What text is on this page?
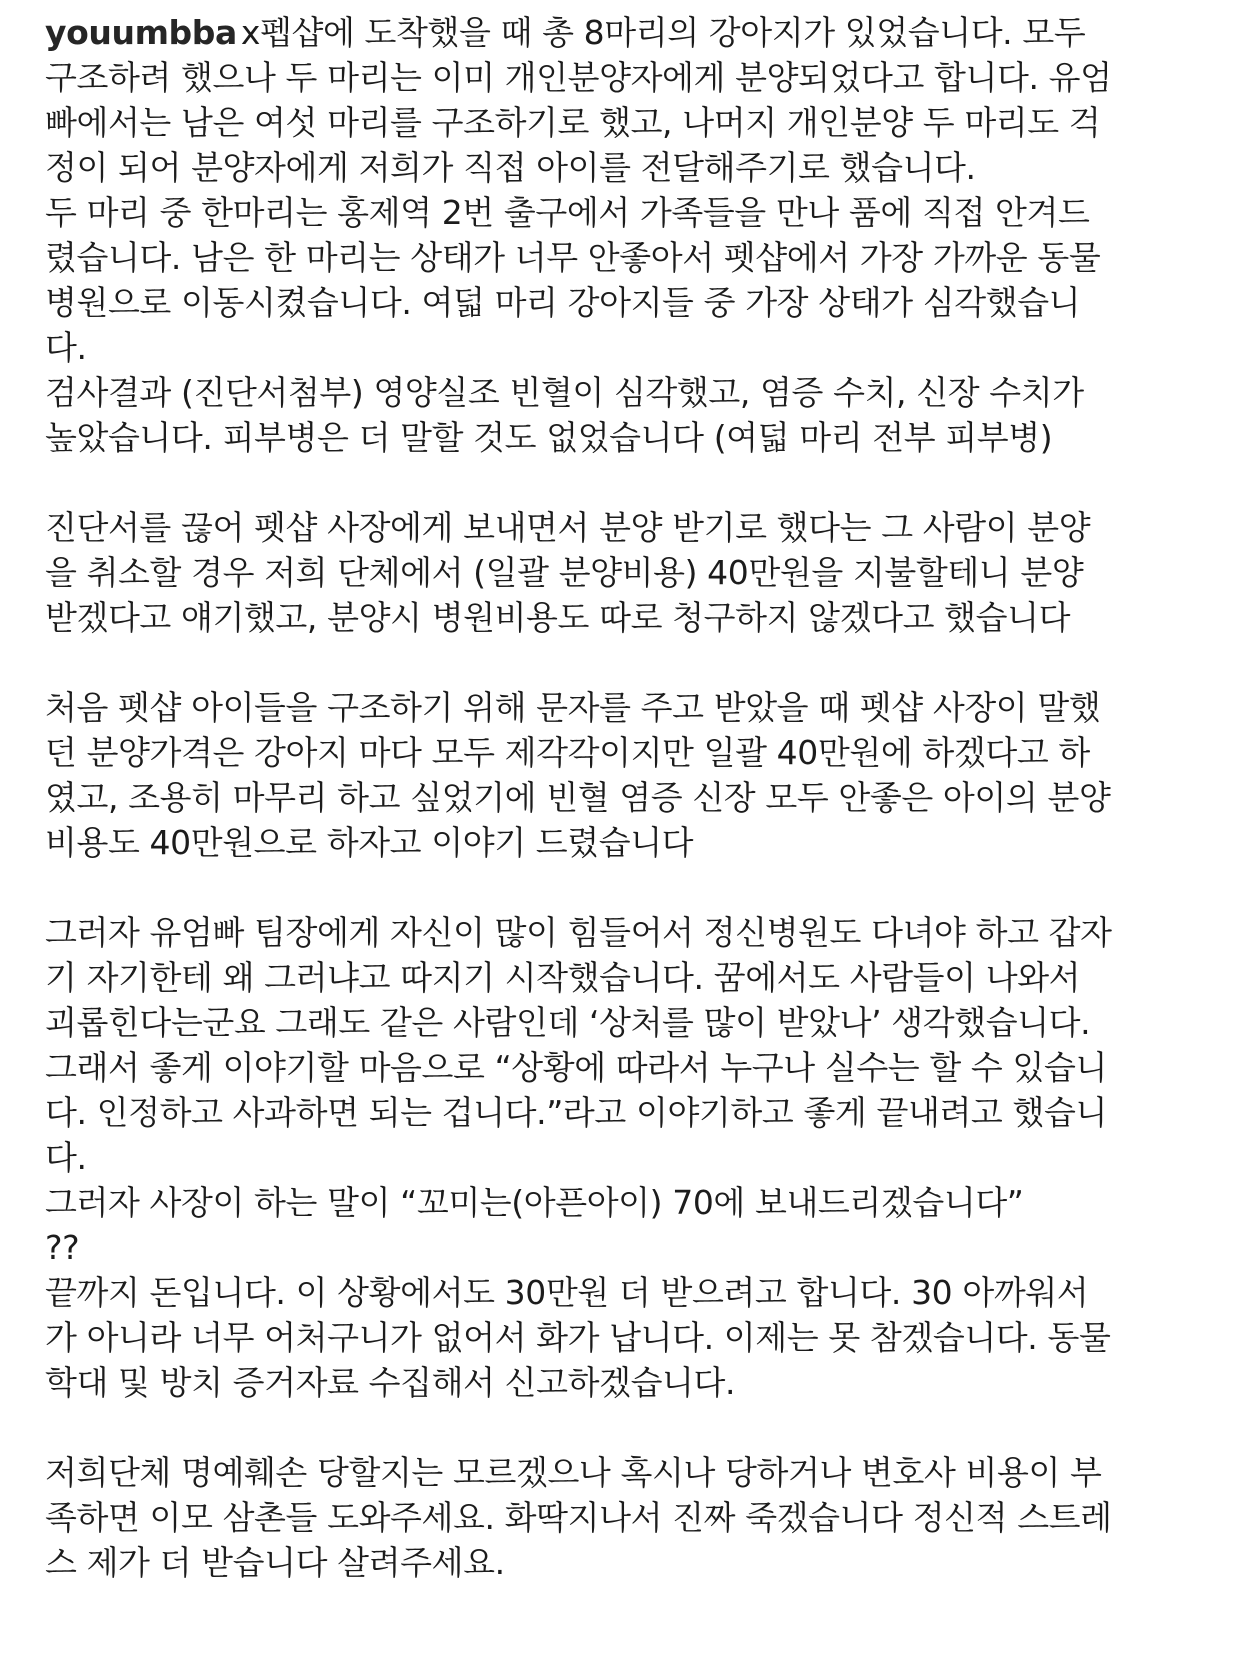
youumbba x펩샵에 도착했을 때 총 8마리의 강아지가 있었습니다. 모두
구조하려 했으나 두 마리는 이미 개인분양자에게 분양되었다고 합니다. 유엄
빠에서는 남은 여섯 마리를 구조하기로 했고, 나머지 개인분양 두 마리도 걱
정이 되어 분양자에게 저희가 직접 아이를 전달해주기로 했습니다.
두 마리 중 한마리는 홍제역 2번 출구에서 가족들을 만나 품에 직접 안겨드
렸습니다. 남은 한 마리는 상태가 너무 안좋아서 펫샵에서 가장 가까운 동물
병원으로 이동시켰습니다. 여덟 마리 강아지들 중 가장 상태가 심각했습니
다.
검사결과 (진단서첨부) 영양실조 빈혈이 심각했고, 염증 수치, 신장 수치가
높았습니다. 피부병은 더 말할 것도 없었습니다 (여덟 마리 전부 피부병)
진단서를 끊어 펫샵 사장에게 보내면서 분양 받기로 했다는 그 사람이 분양
을 취소할 경우 저희 단체에서 (일괄 분양비용) 40만원을 지불할테니 분양
받겠다고 얘기했고, 분양시 병원비용도 따로 청구하지 않겠다고 했습니다
처음 펫샵 아이들을 구조하기 위해 문자를 주고 받았을 때 펫샵 사장이 말했
던 분양가격은 강아지 마다 모두 제각각이지만 일괄 40만원에 하겠다고 하
였고, 조용히 마무리 하고 싶었기에 빈혈 염증 신장 모두 안좋은 아이의 분양
비용도 40만원으로 하자고 이야기 드렸습니다
그러자 유엄빠 팀장에게 자신이 많이 힘들어서 정신병원도 다녀야 하고 갑자
기 자기한테 왜 그러냐고 따지기 시작했습니다. 꿈에서도 사람들이 나와서
괴롭힌다는군요 그래도 같은 사람인데 ‘상처를 많이 받았나’ 생각했습니다.
그래서 좋게 이야기할 마음으로 “상황에 따라서 누구나 실수는 할 수 있습니
다. 인정하고 사과하면 되는 겁니다.”라고 이야기하고 좋게 끝내려고 했습니
다.
그러자 사장이 하는 말이 “꼬미는(아픈아이) 70에 보내드리겠습니다”
??
끝까지 돈입니다. 이 상황에서도 30만원 더 받으려고 합니다. 30 아까워서
가 아니라 너무 어처구니가 없어서 화가 납니다. 이제는 못 참겠습니다. 동물
학대 및 방치 증거자료 수집해서 신고하겠습니다.
저희단체 명예훼손 당할지는 모르겠으나 혹시나 당하거나 변호사 비용이 부
족하면 이모 삼촌들 도와주세요. 화딱지나서 진짜 죽겠습니다 정신적 스트레
스 제가 더 받습니다 살려주세요.
